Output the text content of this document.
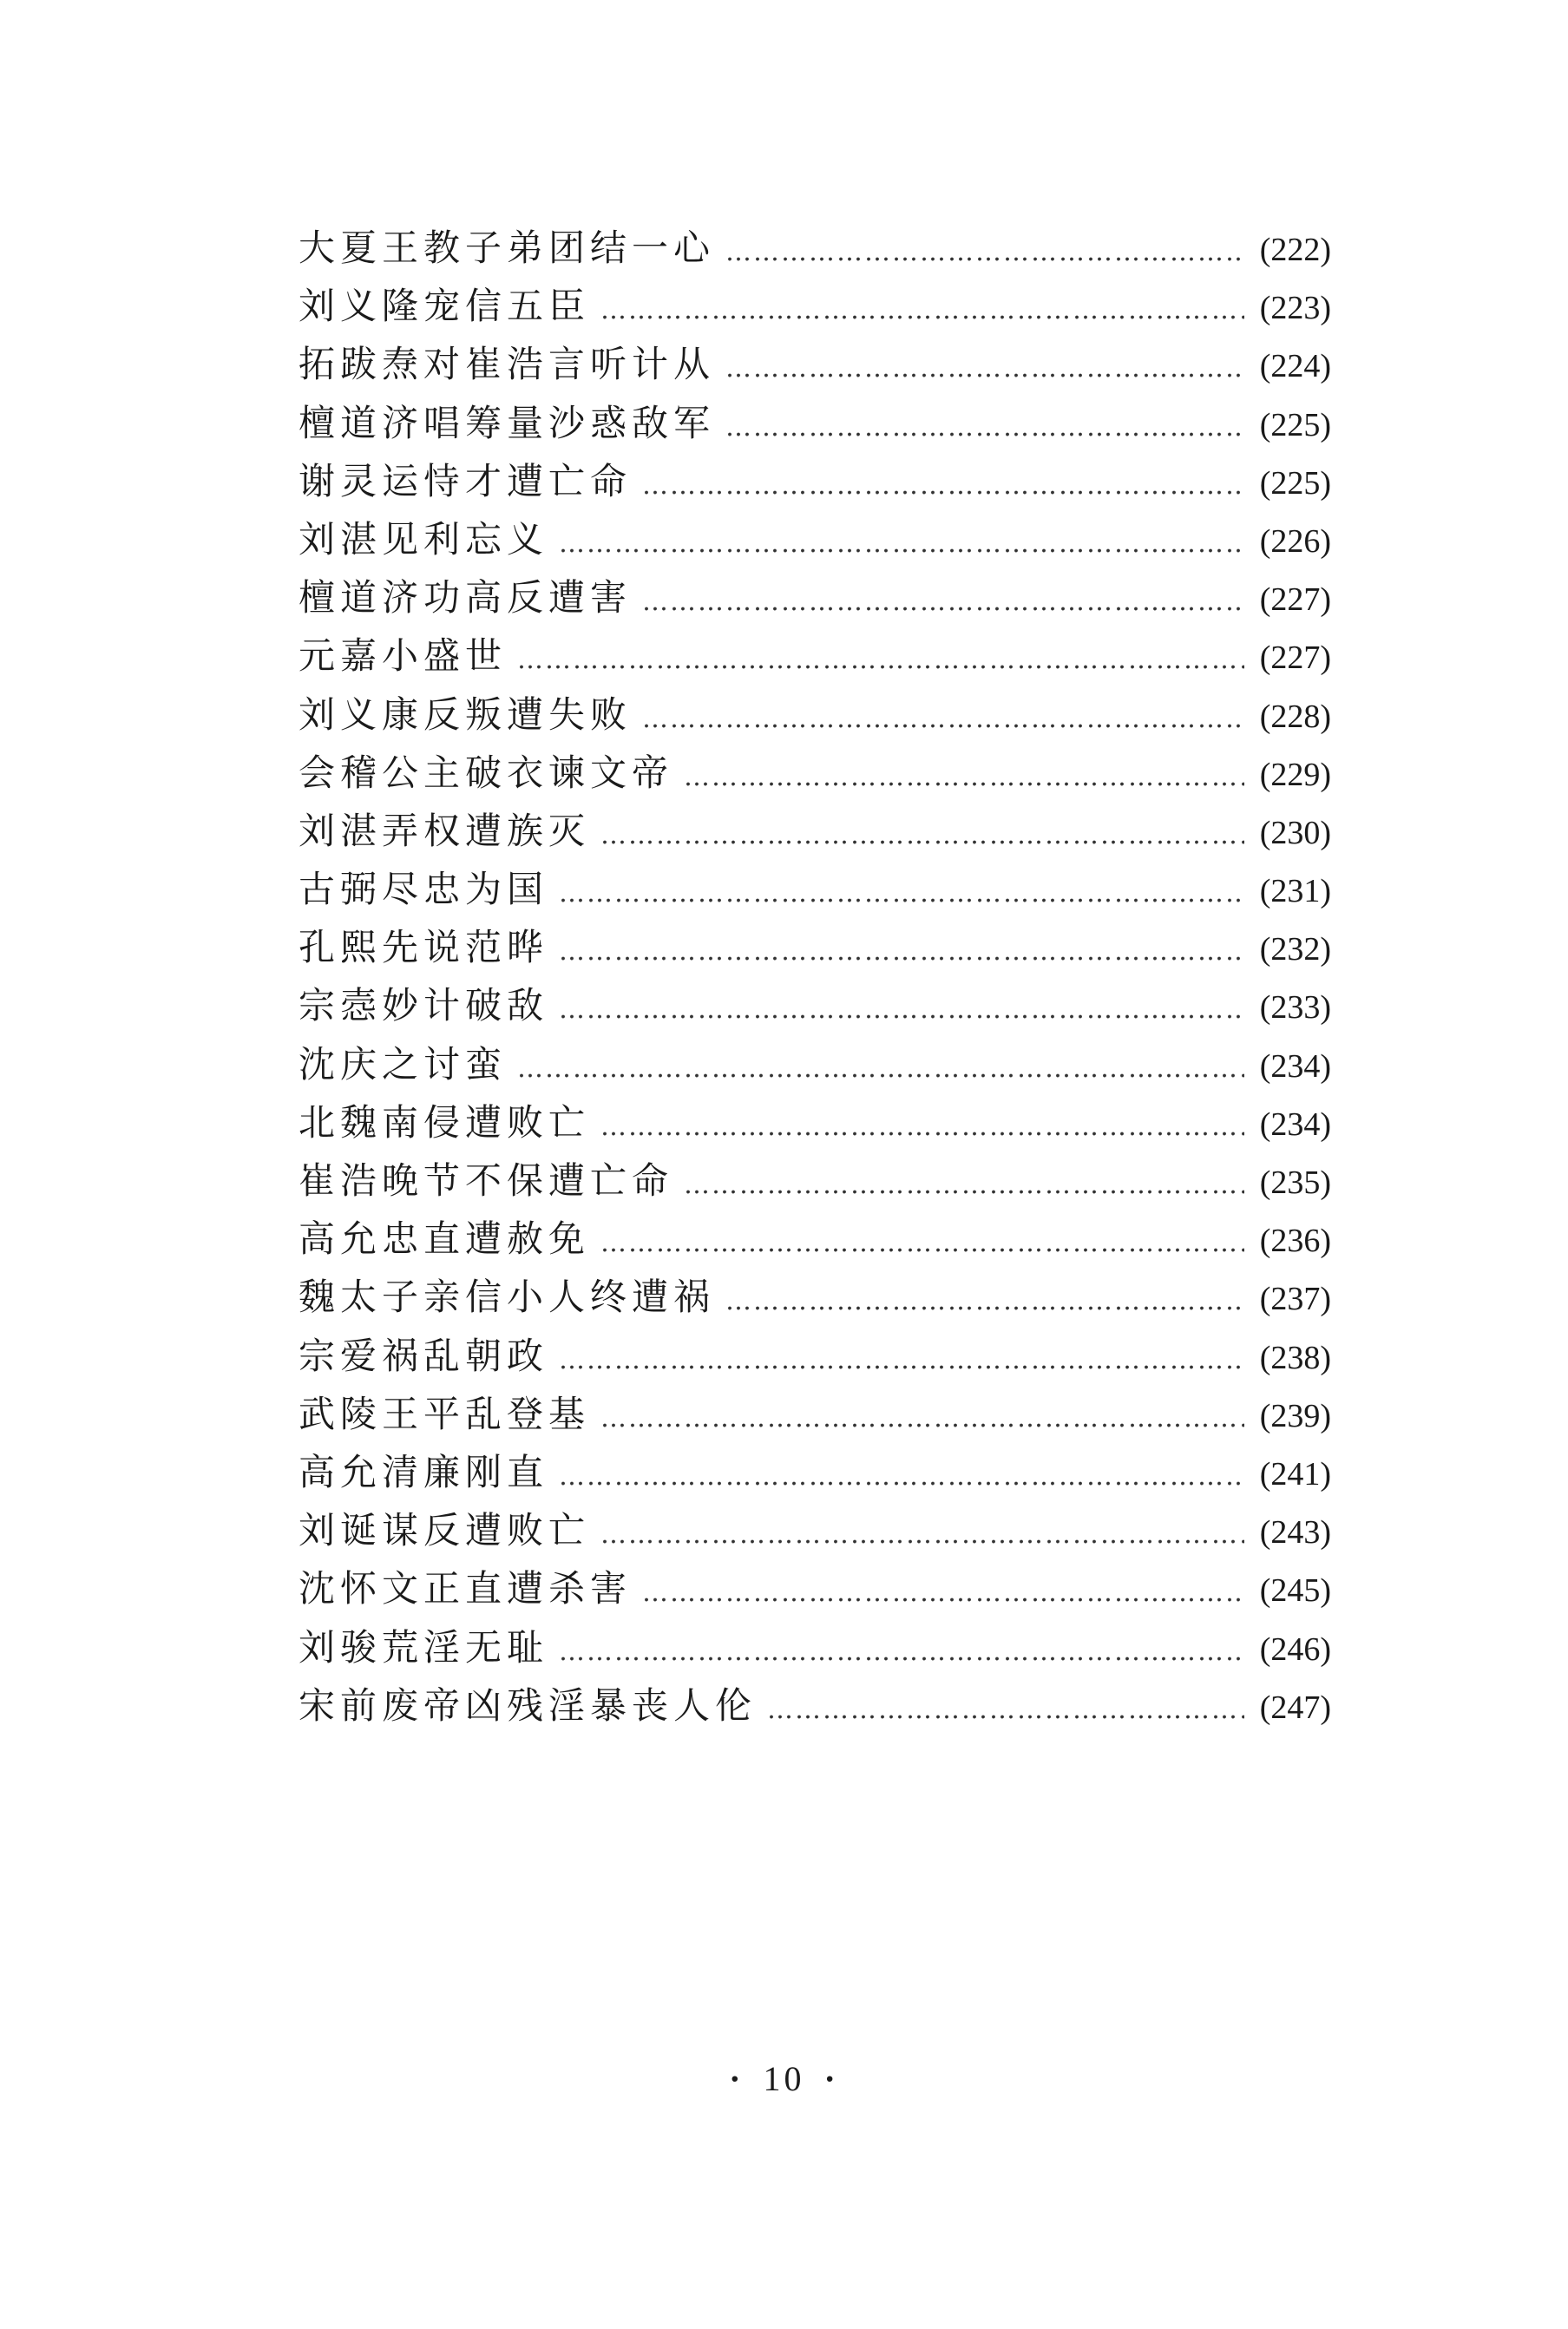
大夏王教子弟团结一心 …………………………………………………………………………………………………………………………	(222)
刘义隆宠信五臣 …………………………………………………………………………………………………………………………	(223)
拓跋焘对崔浩言听计从 …………………………………………………………………………………………………………………………	(224)
檀道济唱筹量沙惑敌军 …………………………………………………………………………………………………………………………	(225)
谢灵运恃才遭亡命 …………………………………………………………………………………………………………………………	(225)
刘湛见利忘义 …………………………………………………………………………………………………………………………	(226)
檀道济功高反遭害 …………………………………………………………………………………………………………………………	(227)
元嘉小盛世 …………………………………………………………………………………………………………………………	(227)
刘义康反叛遭失败 …………………………………………………………………………………………………………………………	(228)
会稽公主破衣谏文帝 …………………………………………………………………………………………………………………………	(229)
刘湛弄权遭族灭 …………………………………………………………………………………………………………………………	(230)
古弼尽忠为国 …………………………………………………………………………………………………………………………	(231)
孔熙先说范晔 …………………………………………………………………………………………………………………………	(232)
宗悫妙计破敌 …………………………………………………………………………………………………………………………	(233)
沈庆之讨蛮 …………………………………………………………………………………………………………………………	(234)
北魏南侵遭败亡 …………………………………………………………………………………………………………………………	(234)
崔浩晚节不保遭亡命 …………………………………………………………………………………………………………………………	(235)
高允忠直遭赦免 …………………………………………………………………………………………………………………………	(236)
魏太子亲信小人终遭祸 …………………………………………………………………………………………………………………………	(237)
宗爱祸乱朝政 …………………………………………………………………………………………………………………………	(238)
武陵王平乱登基 …………………………………………………………………………………………………………………………	(239)
高允清廉刚直 …………………………………………………………………………………………………………………………	(241)
刘诞谋反遭败亡 …………………………………………………………………………………………………………………………	(243)
沈怀文正直遭杀害 …………………………………………………………………………………………………………………………	(245)
刘骏荒淫无耻 …………………………………………………………………………………………………………………………	(246)
宋前废帝凶残淫暴丧人伦 …………………………………………………………………………………………………………………………	(247)
· 10 ·
